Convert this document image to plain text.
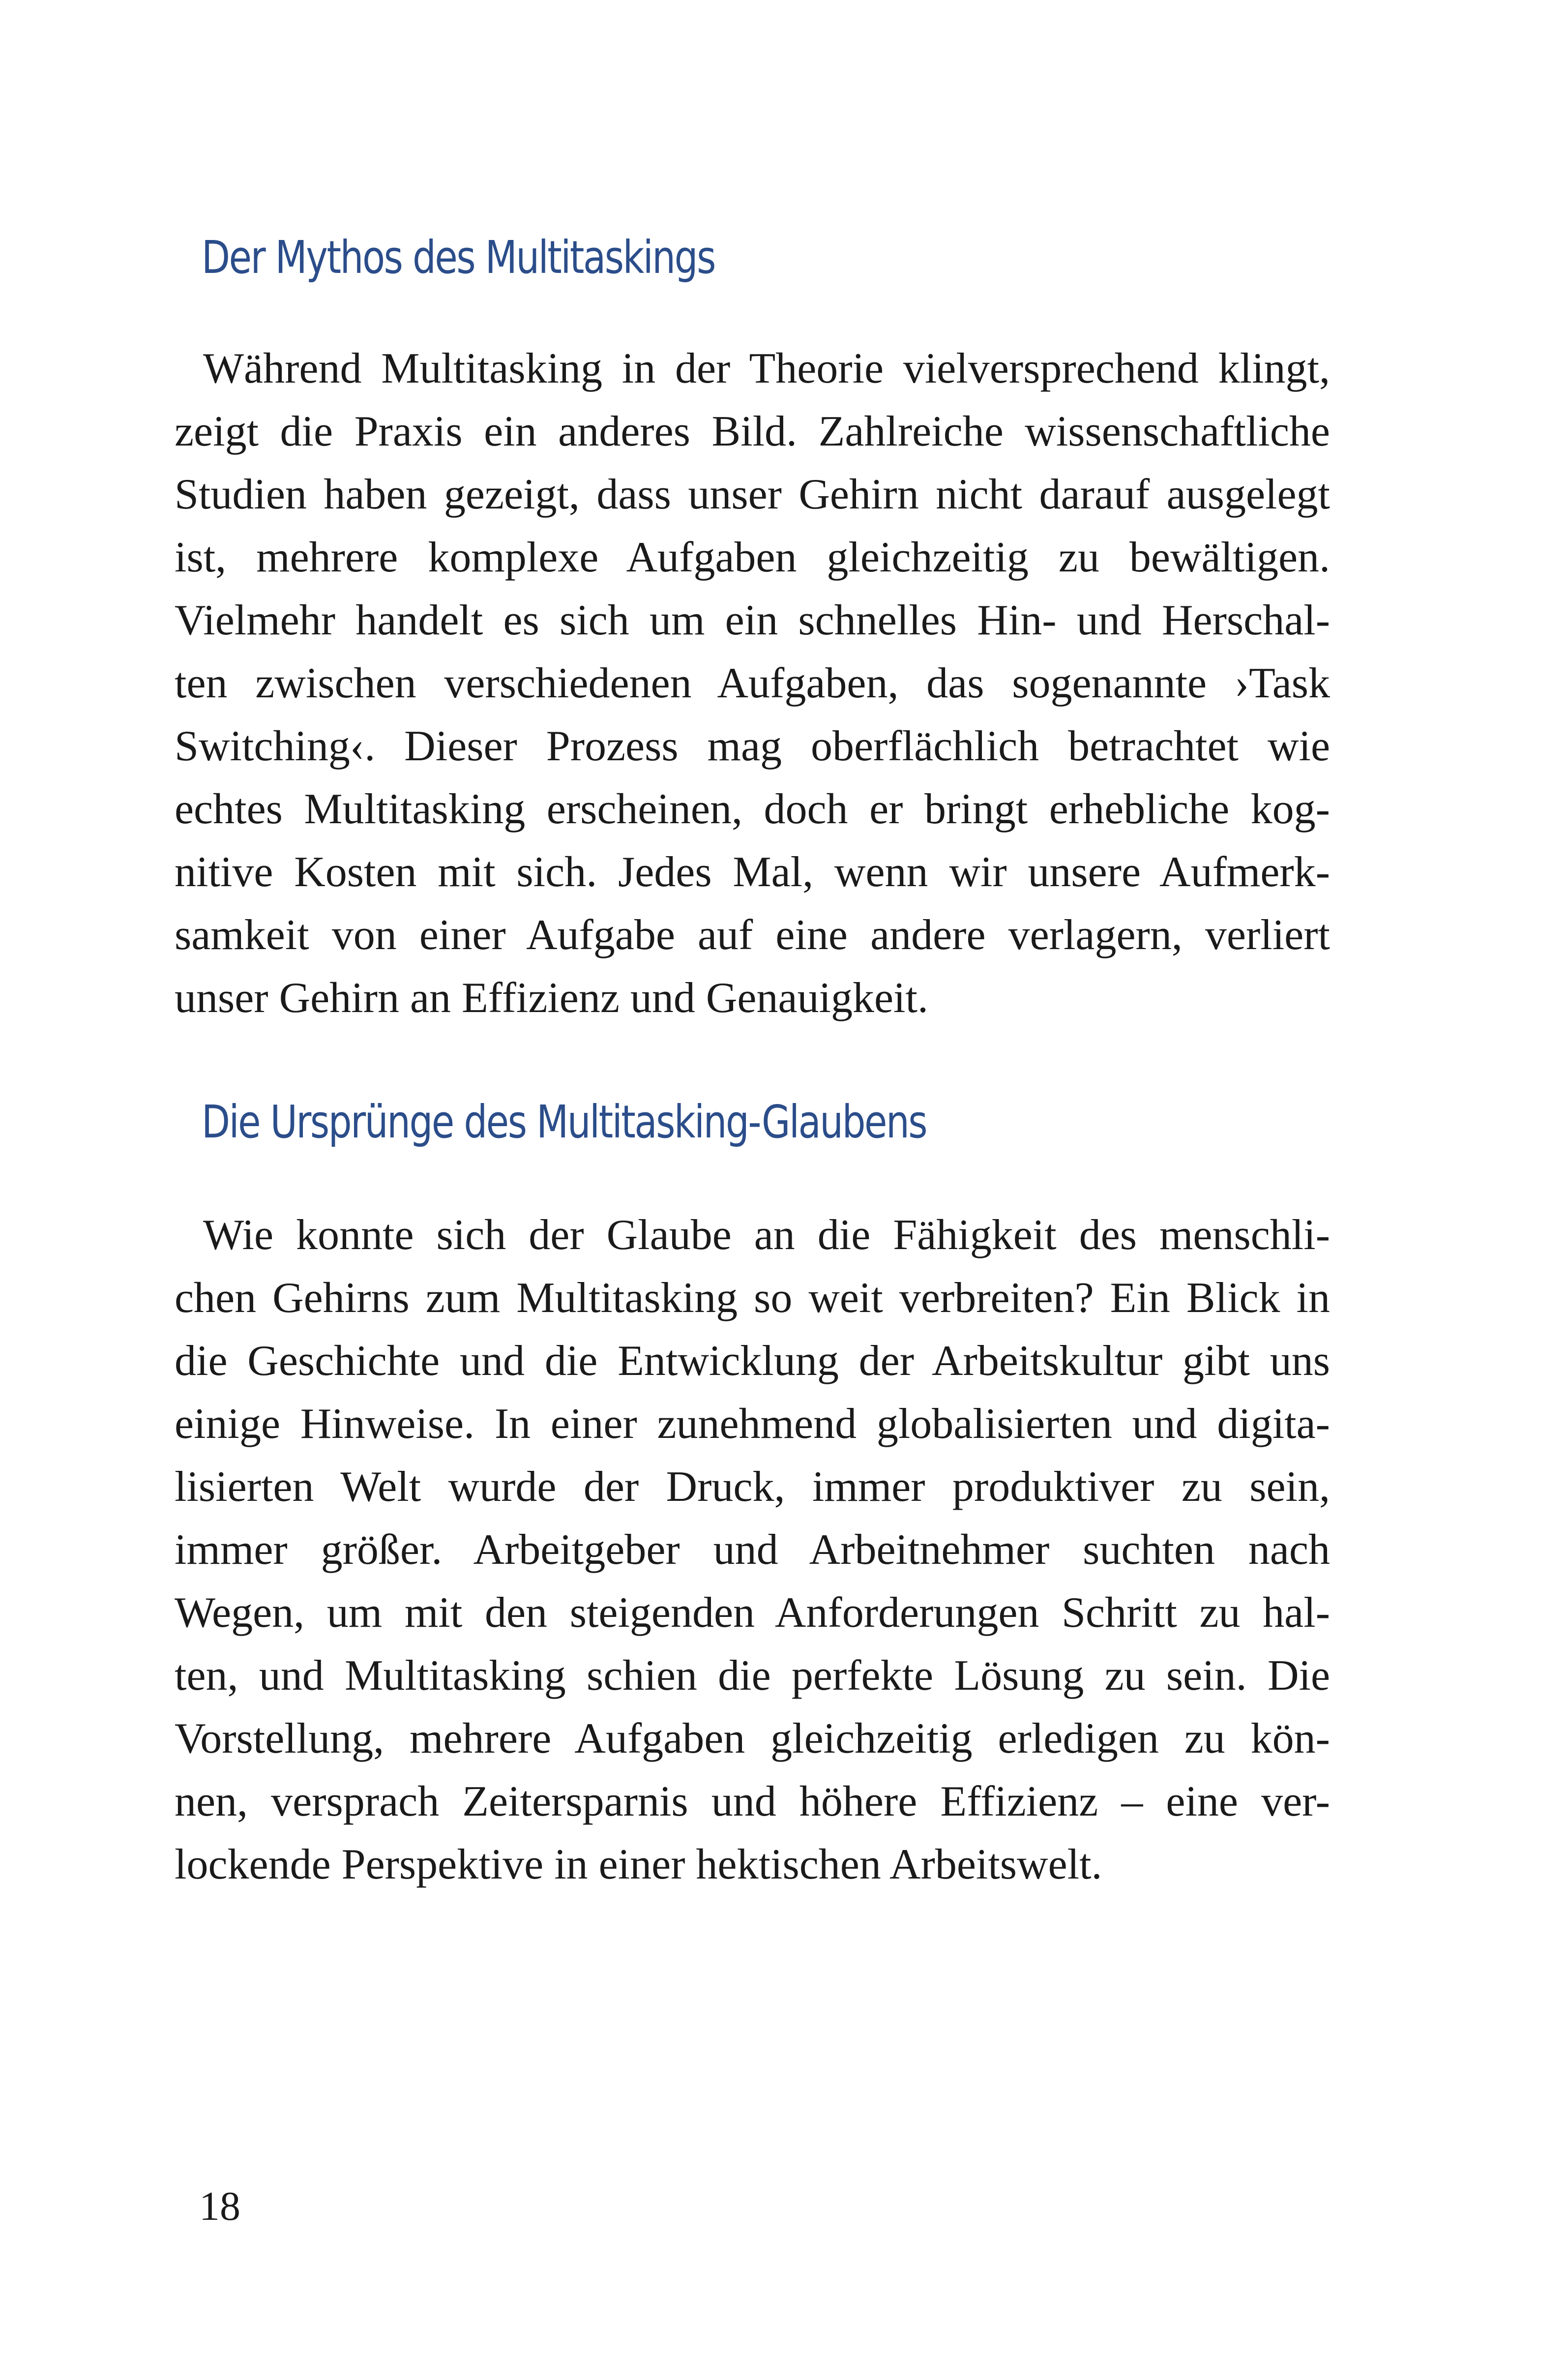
Der Mythos des Multitaskings
Während Multitasking in der Theorie vielversprechend klingt,
zeigt die Praxis ein anderes Bild. Zahlreiche wissenschaftliche
Studien haben gezeigt, dass unser Gehirn nicht darauf ausgelegt
ist, mehrere komplexe Aufgaben gleichzeitig zu bewältigen.
Vielmehr handelt es sich um ein schnelles Hin- und Herschal-
ten zwischen verschiedenen Aufgaben, das sogenannte ›Task
Switching‹. Dieser Prozess mag oberflächlich betrachtet wie
echtes Multitasking erscheinen, doch er bringt erhebliche kog-
nitive Kosten mit sich. Jedes Mal, wenn wir unsere Aufmerk-
samkeit von einer Aufgabe auf eine andere verlagern, verliert
unser Gehirn an Effizienz und Genauigkeit.
Die Ursprünge des Multitasking-Glaubens
Wie konnte sich der Glaube an die Fähigkeit des menschli-
chen Gehirns zum Multitasking so weit verbreiten? Ein Blick in
die Geschichte und die Entwicklung der Arbeitskultur gibt uns
einige Hinweise. In einer zunehmend globalisierten und digita-
lisierten Welt wurde der Druck, immer produktiver zu sein,
immer größer. Arbeitgeber und Arbeitnehmer suchten nach
Wegen, um mit den steigenden Anforderungen Schritt zu hal-
ten, und Multitasking schien die perfekte Lösung zu sein. Die
Vorstellung, mehrere Aufgaben gleichzeitig erledigen zu kön-
nen, versprach Zeitersparnis und höhere Effizienz – eine ver-
lockende Perspektive in einer hektischen Arbeitswelt.

18
